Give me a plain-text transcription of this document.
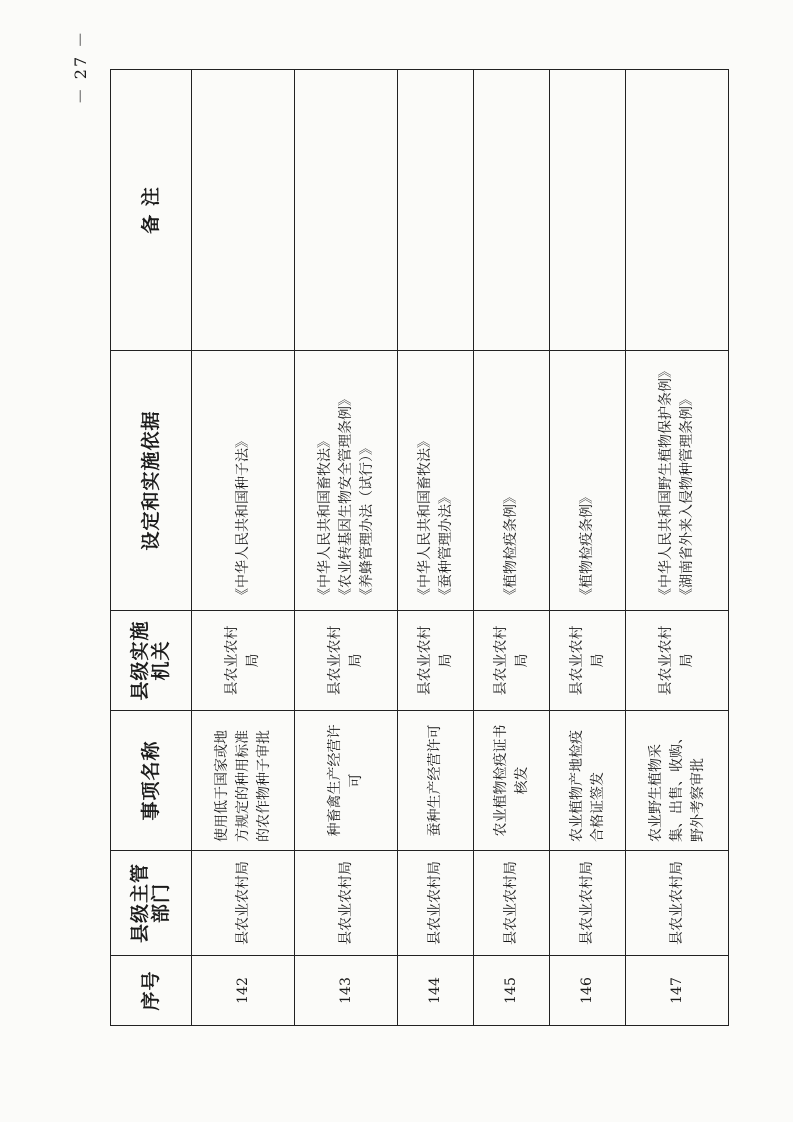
－ 27 －
序号	县级主管部门	事项名称	县级实施机关	设定和实施依据	备 注
142	县农业农村局	使用低于国家或地方规定的种用标准的农作物种子审批	县农业农村局	《中华人民共和国种子法》	

143	县农业农村局	种畜禽生产经营许可	县农业农村局	《中华人民共和国畜牧法》 《农业转基因生物安全管理条例》 《养蜂管理办法（试行）》	

144	县农业农村局	蚕种生产经营许可	县农业农村局	《中华人民共和国畜牧法》 《蚕种管理办法》	

145	县农业农村局	农业植物检疫证书核发	县农业农村局	《植物检疫条例》	

146	县农业农村局	农业植物产地检疫合格证签发	县农业农村局	《植物检疫条例》	

147	县农业农村局	农业野生植物采集、出售、收购、野外考察审批	县农业农村局	《中华人民共和国野生植物保护条例》 《湖南省外来入侵物种管理条例》	
